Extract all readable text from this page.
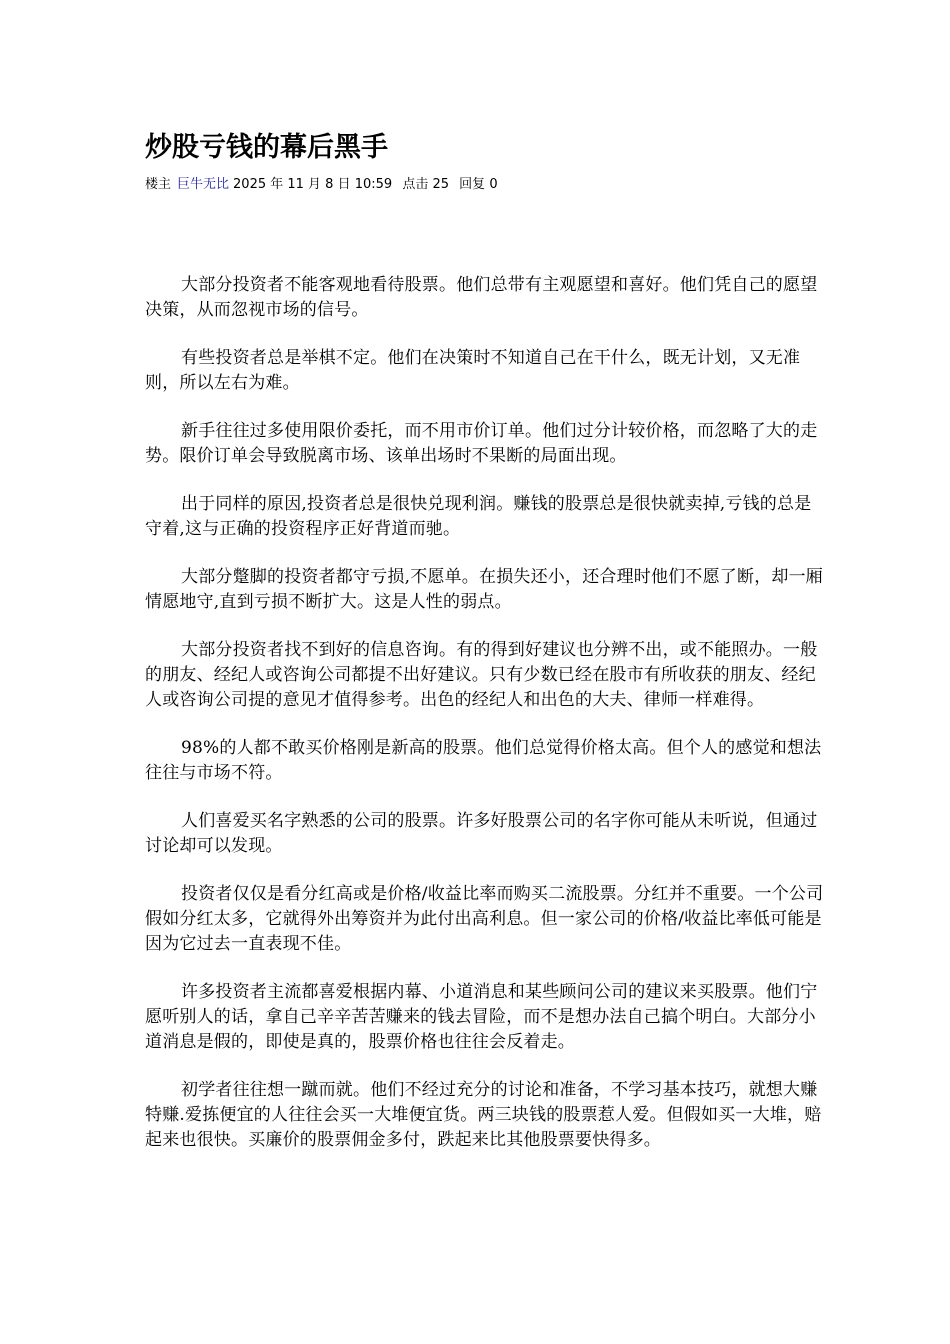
炒股亏钱的幕后黑手
楼主 巨牛无比 2025 年 11 月 8 日 10:59 点击 25 回复 0

大部分投资者不能客观地看待股票。他们总带有主观愿望和喜好。他们凭自己的愿望决策，从而忽视市场的信号。

有些投资者总是举棋不定。他们在决策时不知道自己在干什么，既无计划，又无准则，所以左右为难。

新手往往过多使用限价委托，而不用市价订单。他们过分计较价格，而忽略了大的走势。限价订单会导致脱离市场、该单出场时不果断的局面出现。

出于同样的原因,投资者总是很快兑现利润。赚钱的股票总是很快就卖掉,亏钱的总是守着,这与正确的投资程序正好背道而驰。

大部分蹩脚的投资者都守亏损,不愿单。在损失还小，还合理时他们不愿了断，却一厢情愿地守,直到亏损不断扩大。这是人性的弱点。

大部分投资者找不到好的信息咨询。有的得到好建议也分辨不出，或不能照办。一般的朋友、经纪人或咨询公司都提不出好建议。只有少数已经在股市有所收获的朋友、经纪人或咨询公司提的意见才值得参考。出色的经纪人和出色的大夫、律师一样难得。

98%的人都不敢买价格刚是新高的股票。他们总觉得价格太高。但个人的感觉和想法往往与市场不符。

人们喜爱买名字熟悉的公司的股票。许多好股票公司的名字你可能从未听说，但通过讨论却可以发现。

投资者仅仅是看分红高或是价格/收益比率而购买二流股票。分红并不重要。一个公司假如分红太多，它就得外出筹资并为此付出高利息。但一家公司的价格/收益比率低可能是因为它过去一直表现不佳。

许多投资者主流都喜爱根据内幕、小道消息和某些顾问公司的建议来买股票。他们宁愿听别人的话，拿自己辛辛苦苦赚来的钱去冒险，而不是想办法自己搞个明白。大部分小道消息是假的，即使是真的，股票价格也往往会反着走。

初学者往往想一蹴而就。他们不经过充分的讨论和准备，不学习基本技巧，就想大赚特赚.爱拣便宜的人往往会买一大堆便宜货。两三块钱的股票惹人爱。但假如买一大堆，赔起来也很快。买廉价的股票佣金多付，跌起来比其他股票要快得多。
